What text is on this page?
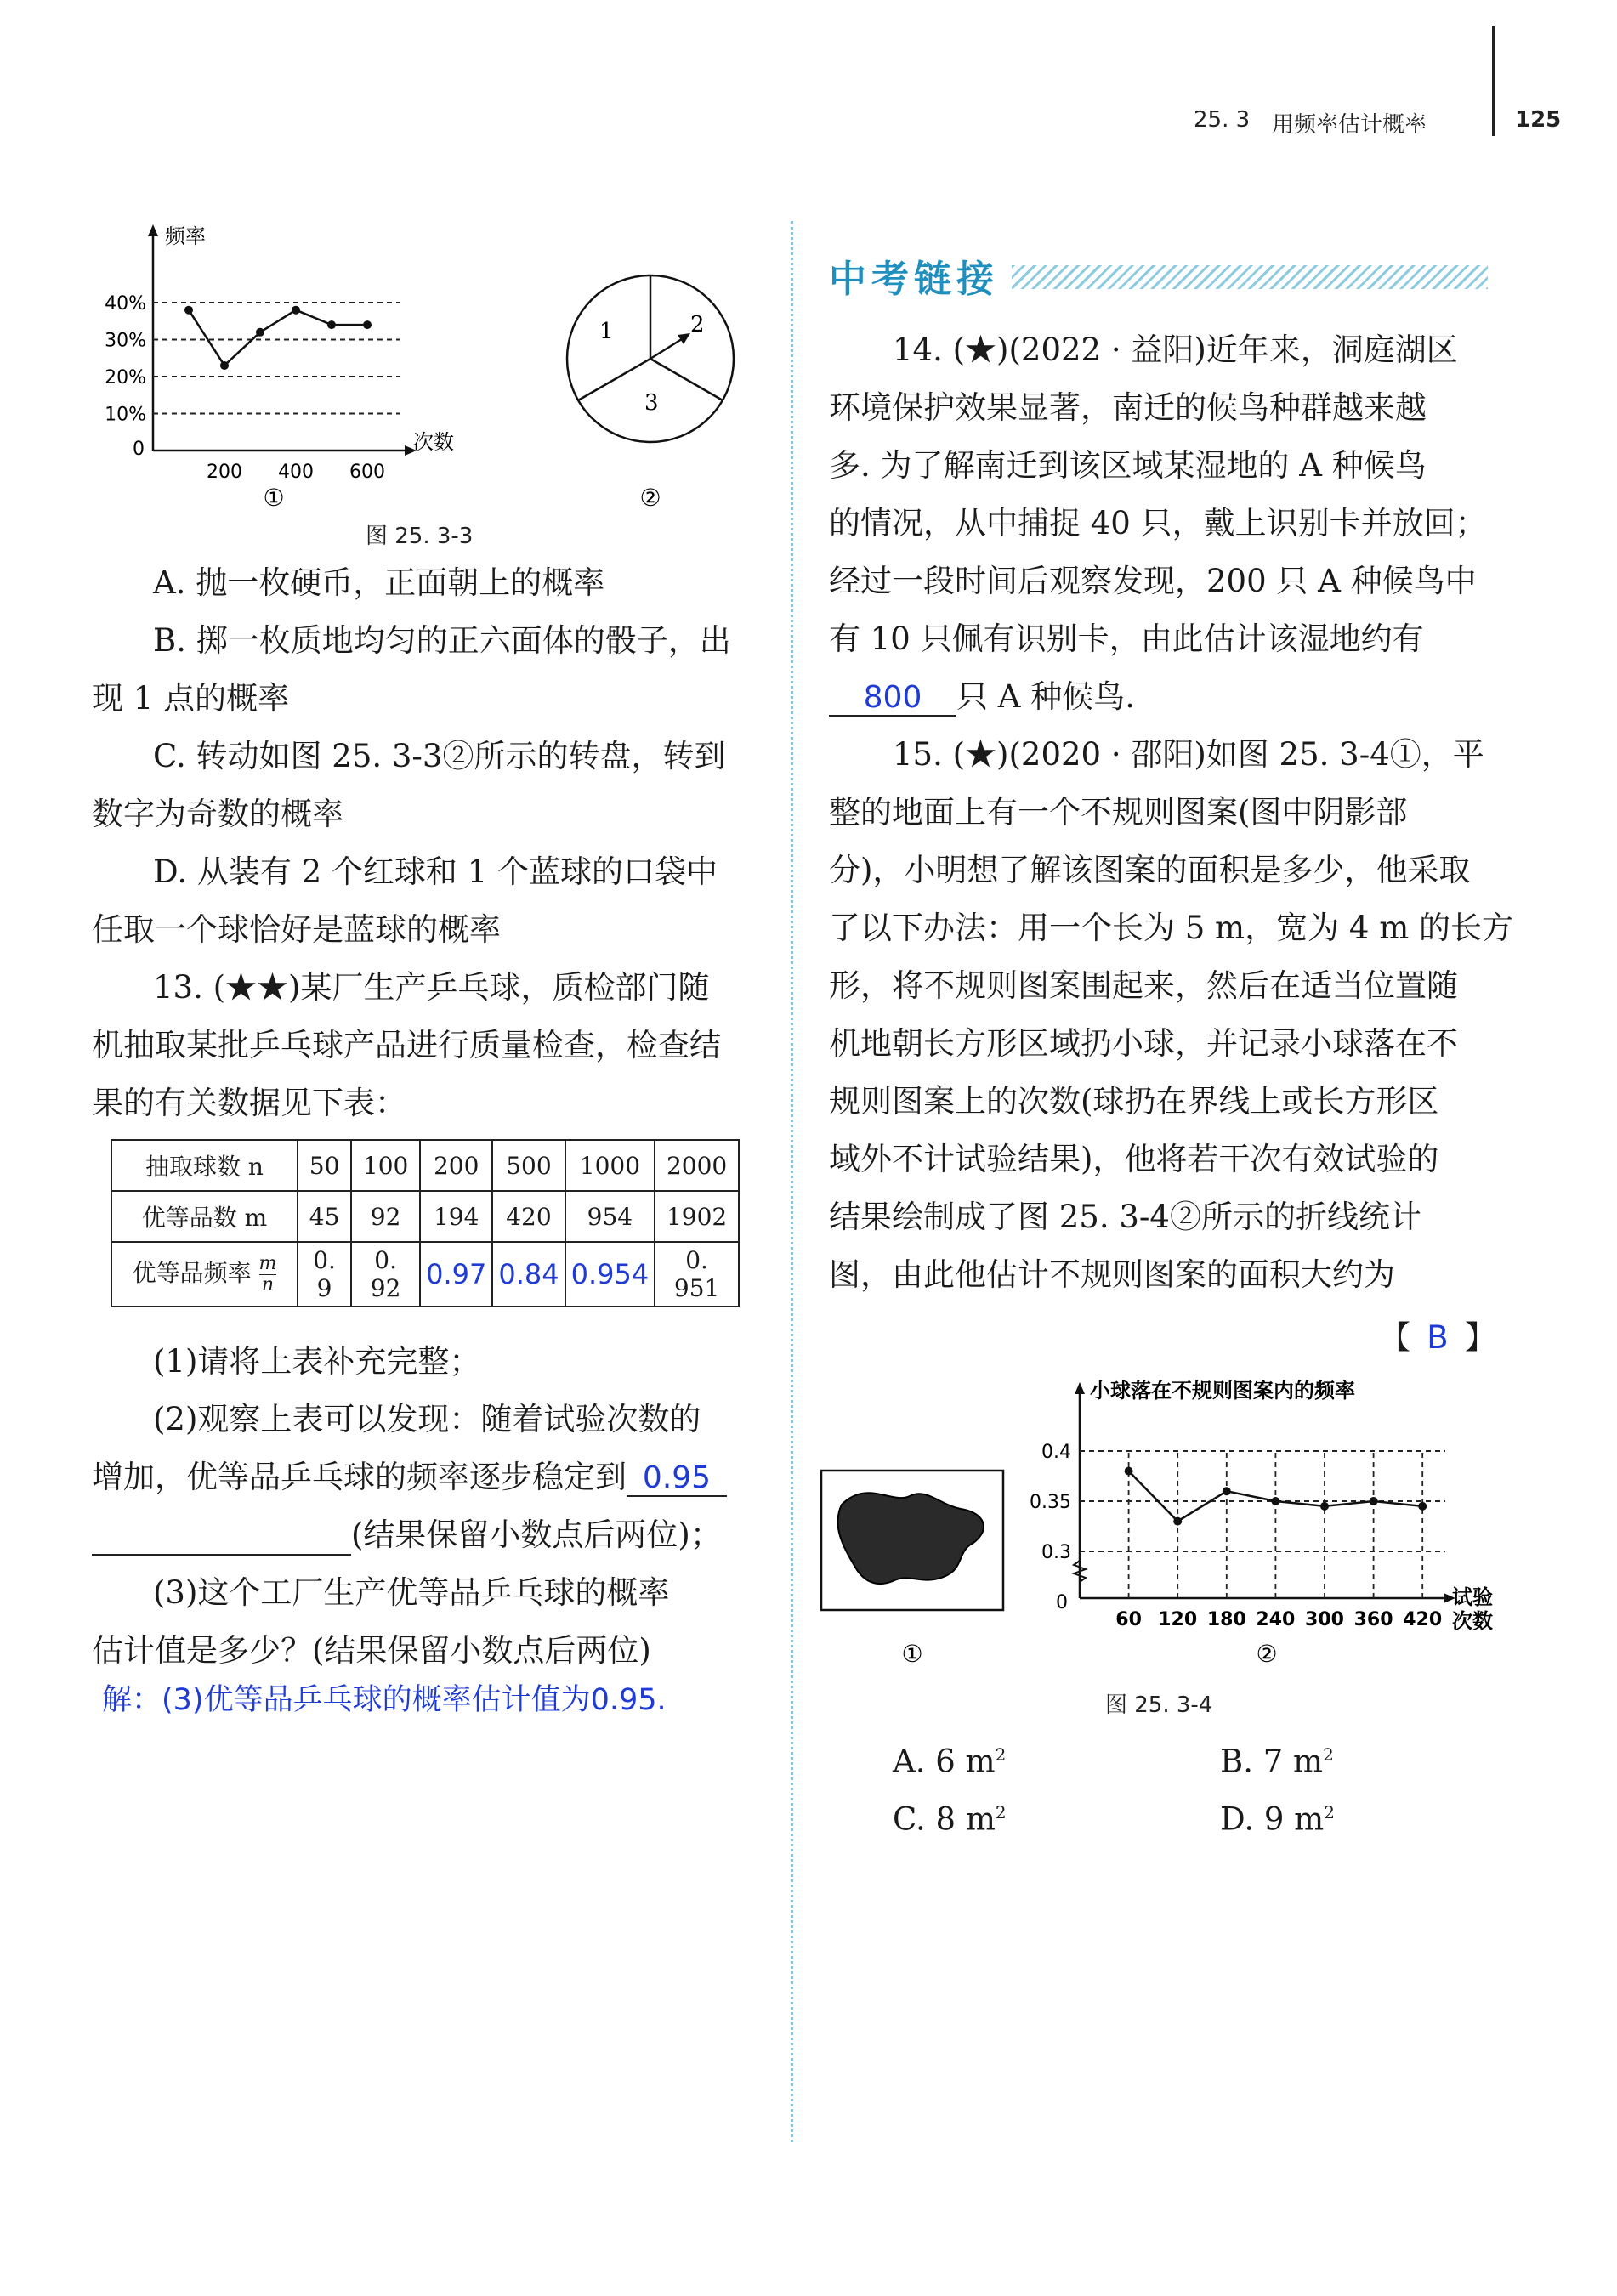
25. 3 用频率估计概率	125
10%
20%
30%
40%
200 400 600
频率
次数
0
①
1	2
3
②
图 25. 3-3
A. 抛一枚硬币，正面朝上的概率
B. 掷一枚质地均匀的正六面体的骰子，出
现 1 点的概率
C. 转动如图 25. 3-3②所示的转盘，转到
数字为奇数的概率
D. 从装有 2 个红球和 1 个蓝球的口袋中
任取一个球恰好是蓝球的概率
13. (★★)某厂生产乒乓球，质检部门随
机抽取某批乒乓球产品进行质量检查，检查结
果的有关数据见下表：
抽取球数 n	50	100	200	500	1000	2000
优等品数 m	45	92	194	420	954	1902
优等品频率 $\frac{m}{n}$	0. 9	0. 92	0.97	0.84	0.954	0. 951
(1)请将上表补充完整；
(2)观察上表可以发现：随着试验次数的
增加，优等品乒乓球的频率逐步稳定到 0.95
(结果保留小数点后两位)；
(3)这个工厂生产优等品乒乓球的概率
估计值是多少？(结果保留小数点后两位)
解：(3)优等品乒乓球的概率估计值为0.95.
中考链接
14. (★)(2022 · 益阳)近年来，洞庭湖区
环境保护效果显著，南迁的候鸟种群越来越
多. 为了解南迁到该区域某湿地的 A 种候鸟
的情况，从中捕捉 40 只，戴上识别卡并放回；
经过一段时间后观察发现，200 只 A 种候鸟中
有 10 只佩有识别卡，由此估计该湿地约有
800 只 A 种候鸟.
15. (★)(2020 · 邵阳)如图 25. 3-4①，平
整的地面上有一个不规则图案(图中阴影部
分)，小明想了解该图案的面积是多少，他采取
了以下办法：用一个长为 5 m，宽为 4 m 的长方
形，将不规则图案围起来，然后在适当位置随
机地朝长方形区域扔小球，并记录小球落在不
规则图案上的次数(球扔在界线上或长方形区
域外不计试验结果)，他将若干次有效试验的
结果绘制成了图 25. 3-4②所示的折线统计
图，由此他估计不规则图案的面积大约为
【 B 】
①
0.3
0.35
0.4
60 120 180 240 300 360 420
小球落在不规则图案内的频率
0	试验
次数
②
图 25. 3-4
A. 6 $m^2$	B. 7 $m^2$
C. 8 $m^2$	D. 9 $m^2$
